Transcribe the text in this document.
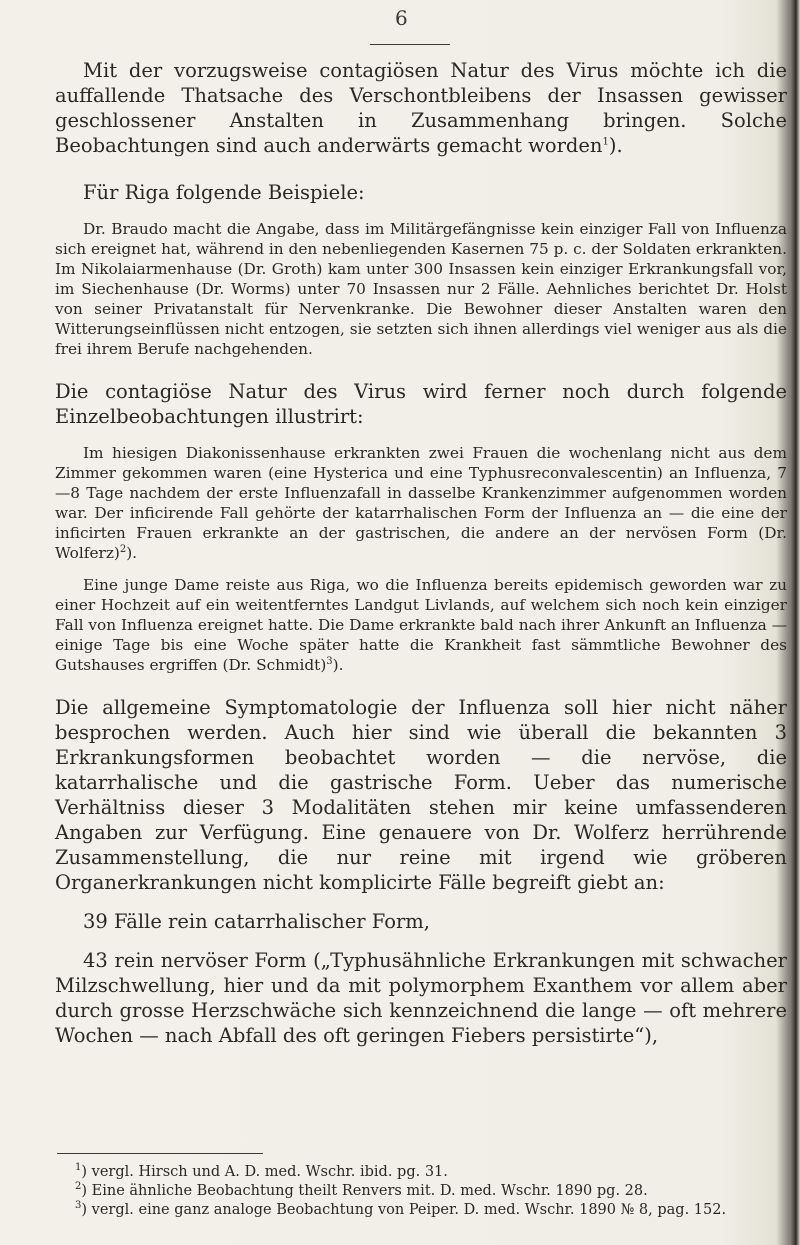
6

Mit der vorzugsweise contagiösen Natur des Virus möchte ich die auffallende Thatsache des Verschontbleibens der Insassen gewisser geschlossener Anstalten in Zusammenhang bringen. Solche Beobachtungen sind auch anderwärts gemacht worden$^1$).

Für Riga folgende Beispiele:

Dr. Braudo macht die Angabe, dass im Militärgefängnisse kein einziger Fall von Influenza sich ereignet hat, während in den nebenliegenden Kasernen 75 p. c. der Soldaten erkrankten. Im Nikolaiarmenhause (Dr. Groth) kam unter 300 Insassen kein einziger Erkrankungsfall vor, im Siechenhause (Dr. Worms) unter 70 Insassen nur 2 Fälle. Aehnliches berichtet Dr. Holst von seiner Privatanstalt für Nervenkranke. Die Bewohner dieser Anstalten waren den Witterungseinflüssen nicht entzogen, sie setzten sich ihnen allerdings viel weniger aus als die frei ihrem Berufe nachgehenden.

Die contagiöse Natur des Virus wird ferner noch durch folgende Einzelbeobachtungen illustrirt:

Im hiesigen Diakonissenhause erkrankten zwei Frauen die wochenlang nicht aus dem Zimmer gekommen waren (eine Hysterica und eine Typhusreconvalescentin) an Influenza, 7—8 Tage nachdem der erste Influenzafall in dasselbe Krankenzimmer aufgenommen worden war. Der inficirende Fall gehörte der katarrhalischen Form der Influenza an — die eine der inficirten Frauen erkrankte an der gastrischen, die andere an der nervösen Form (Dr. Wolferz)$^2$).

Eine junge Dame reiste aus Riga, wo die Influenza bereits epidemisch geworden war zu einer Hochzeit auf ein weitentferntes Landgut Livlands, auf welchem sich noch kein einziger Fall von Influenza ereignet hatte. Die Dame erkrankte bald nach ihrer Ankunft an Influenza — einige Tage bis eine Woche später hatte die Krankheit fast sämmtliche Bewohner des Gutshauses ergriffen (Dr. Schmidt)$^3$).

Die allgemeine Symptomatologie der Influenza soll hier nicht näher besprochen werden. Auch hier sind wie überall die bekannten 3 Erkrankungsformen beobachtet worden — die nervöse, die katarrhalische und die gastrische Form. Ueber das numerische Verhältniss dieser 3 Modalitäten stehen mir keine umfassenderen Angaben zur Verfügung. Eine genauere von Dr. Wolferz herrührende Zusammenstellung, die nur reine mit irgend wie gröberen Organerkrankungen nicht komplicirte Fälle begreift giebt an:

39 Fälle rein catarrhalischer Form,

43 rein nervöser Form („Typhusähnliche Erkrankungen mit schwacher Milzschwellung, hier und da mit polymorphem Exanthem vor allem aber durch grosse Herzschwäche sich kennzeichnend die lange — oft mehrere Wochen — nach Abfall des oft geringen Fiebers persistirte“),

$^1$) vergl. Hirsch und A. D. med. Wschr. ibid. pg. 31.

$^2$) Eine ähnliche Beobachtung theilt Renvers mit. D. med. Wschr. 1890 pg. 28.

$^3$) vergl. eine ganz analoge Beobachtung von Peiper. D. med. Wschr. 1890 № 8, pag. 152.
